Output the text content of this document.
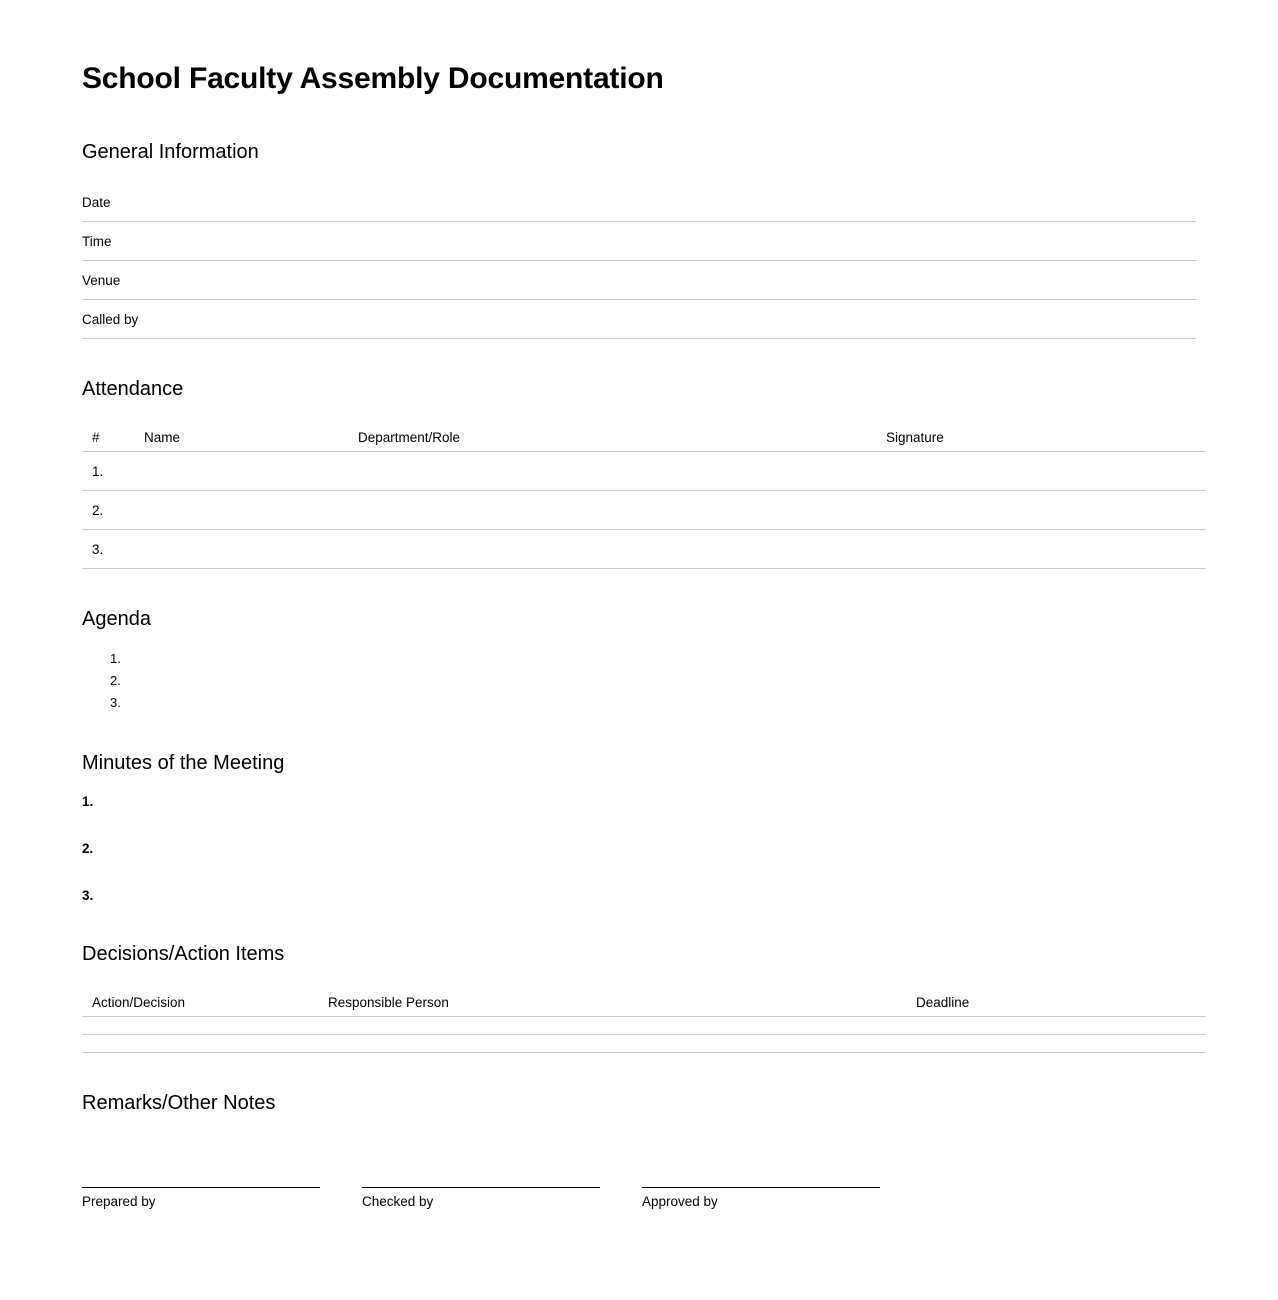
School Faculty Assembly Documentation
General Information
Date	
Time	
Venue	
Called by	
Attendance
#	Name	Department/Role	Signature
1.			
2.			
3.			
Agenda
1.
2.
3.
Minutes of the Meeting
1.
2.
3.
Decisions/Action Items
Action/Decision	Responsible Person	Deadline

Remarks/Other Notes
Prepared by	Checked by	Approved by
